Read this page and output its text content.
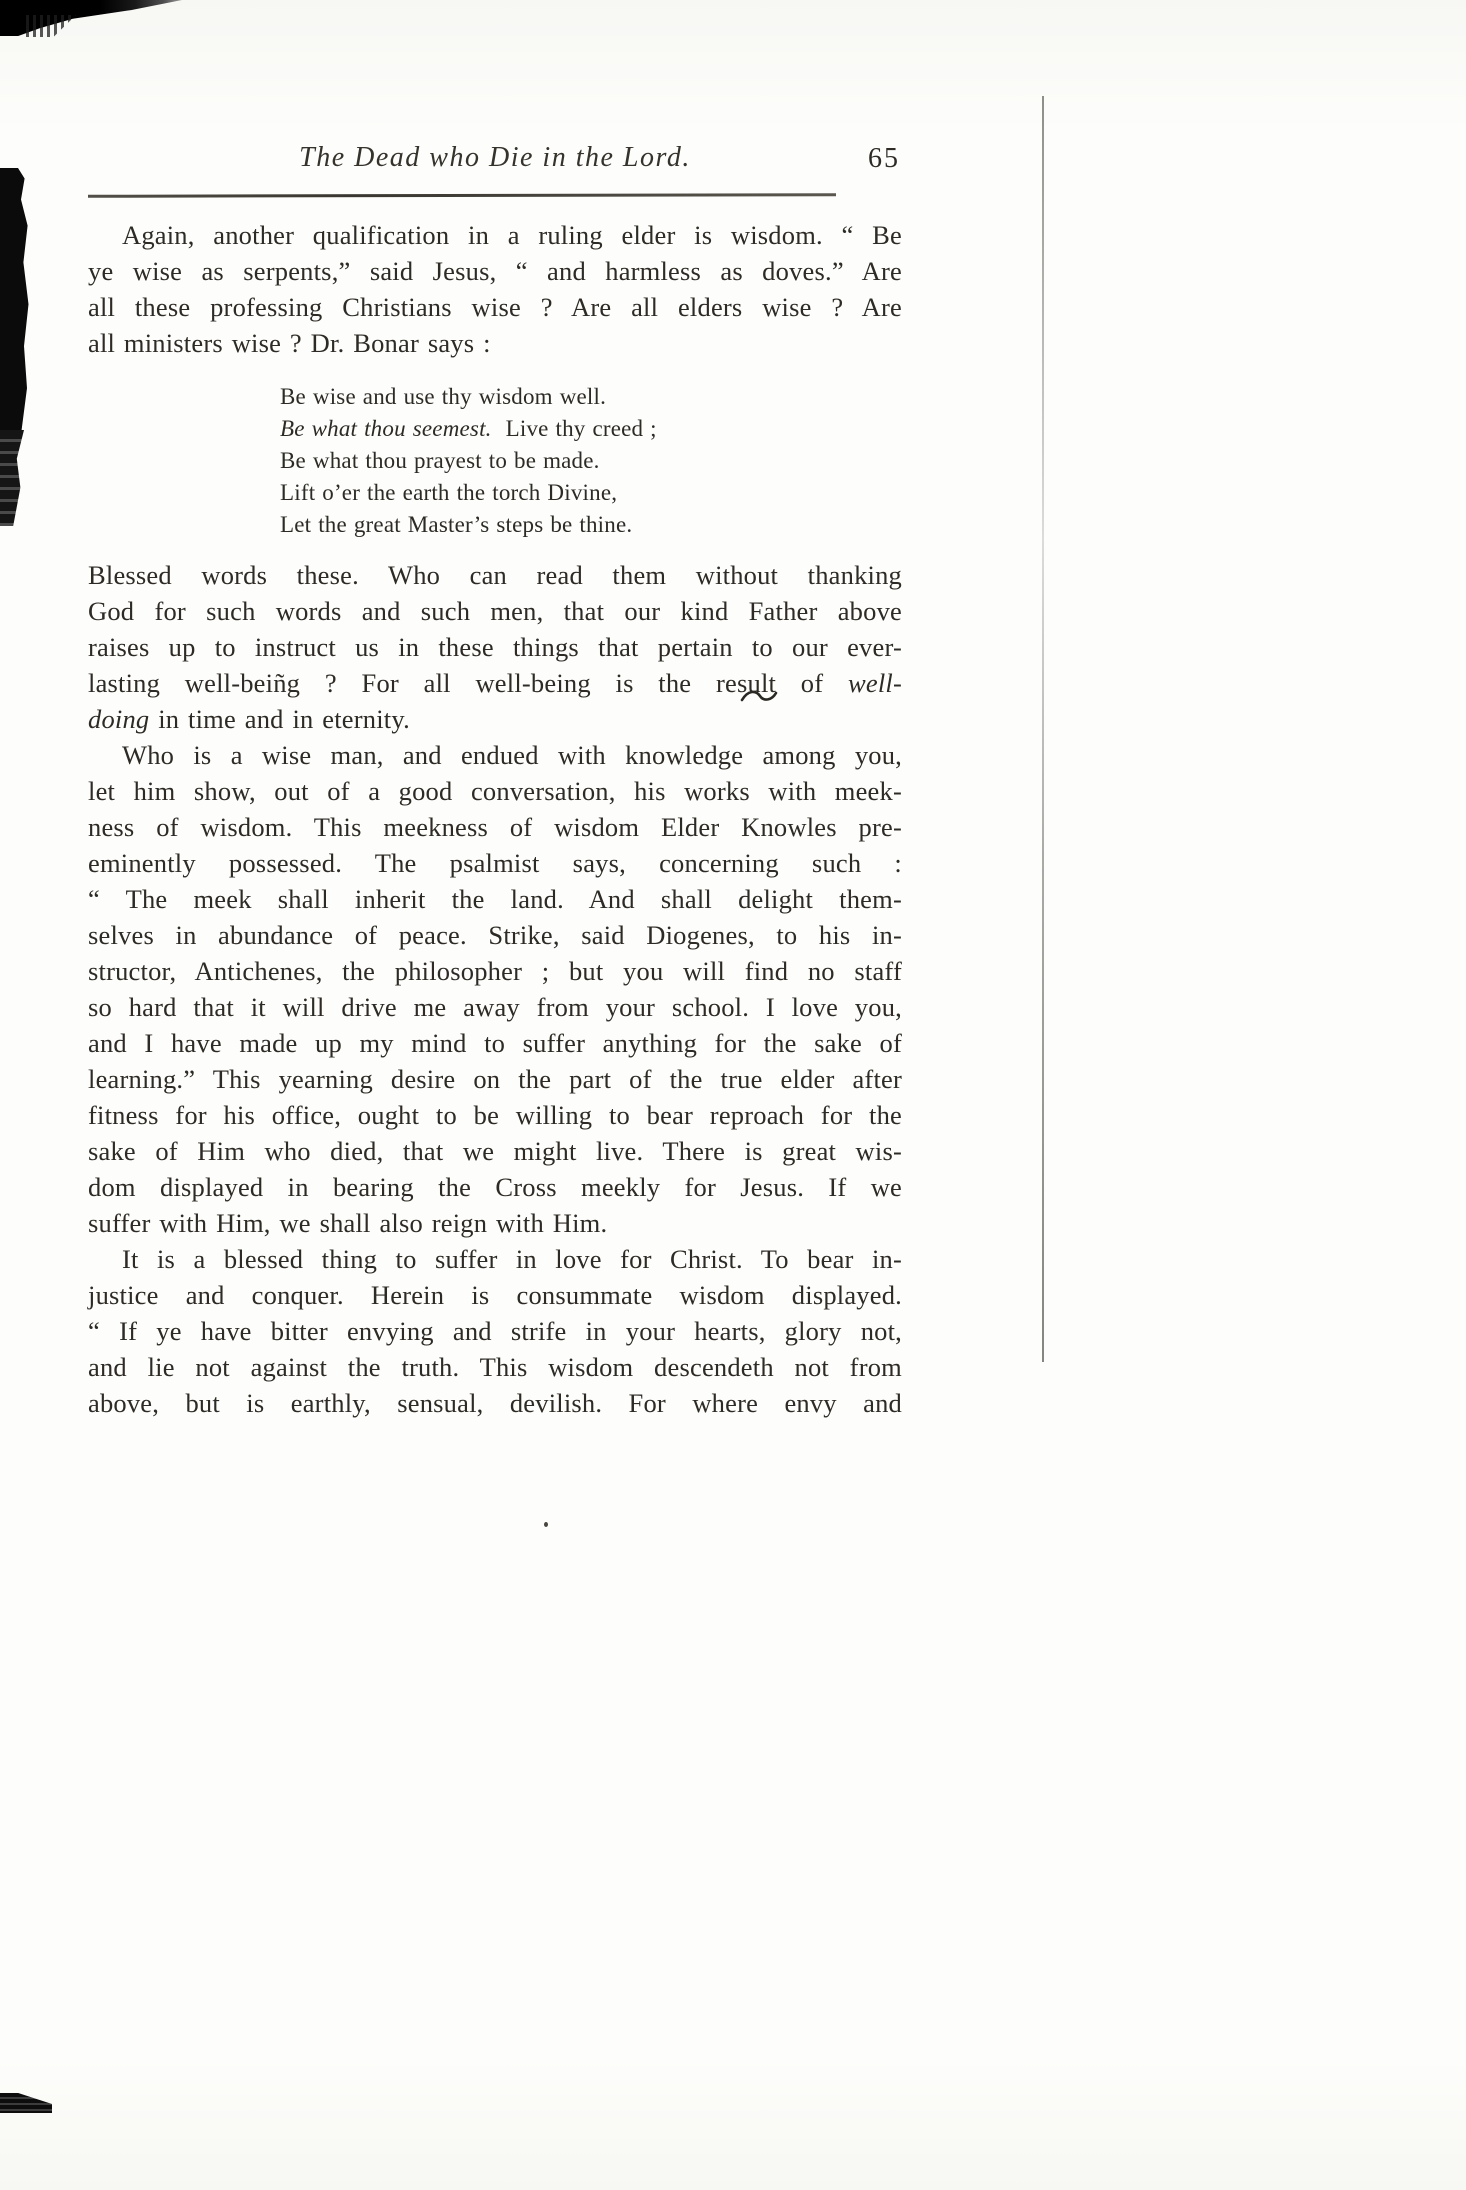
The Dead who Die in the Lord.	65
Again, another qualification in a ruling elder is wisdom. “ Be
ye wise as serpents,” said Jesus, “ and harmless as doves.” Are
all these professing Christians wise ? Are all elders wise ? Are
all ministers wise ? Dr. Bonar says :
Be wise and use thy wisdom well.
Be what thou seemest. Live thy creed ;
Be what thou prayest to be made.
Lift o’er the earth the torch Divine,
Let the great Master’s steps be thine.
Blessed words these. Who can read them without thanking
God for such words and such men, that our kind Father above
raises up to instruct us in these things that pertain to our ever-
lasting well-beiñg ? For all well-being is the result of well-
doing in time and in eternity.
Who is a wise man, and endued with knowledge among you,
let him show, out of a good conversation, his works with meek-
ness of wisdom. This meekness of wisdom Elder Knowles pre-
eminently possessed. The psalmist says, concerning such :
“ The meek shall inherit the land. And shall delight them-
selves in abundance of peace. Strike, said Diogenes, to his in-
structor, Antichenes, the philosopher ; but you will find no staff
so hard that it will drive me away from your school. I love you,
and I have made up my mind to suffer anything for the sake of
learning.” This yearning desire on the part of the true elder after
fitness for his office, ought to be willing to bear reproach for the
sake of Him who died, that we might live. There is great wis-
dom displayed in bearing the Cross meekly for Jesus. If we
suffer with Him, we shall also reign with Him.
It is a blessed thing to suffer in love for Christ. To bear in-
justice and conquer. Herein is consummate wisdom displayed.
“ If ye have bitter envying and strife in your hearts, glory not,
and lie not against the truth. This wisdom descendeth not from
above, but is earthly, sensual, devilish. For where envy and
